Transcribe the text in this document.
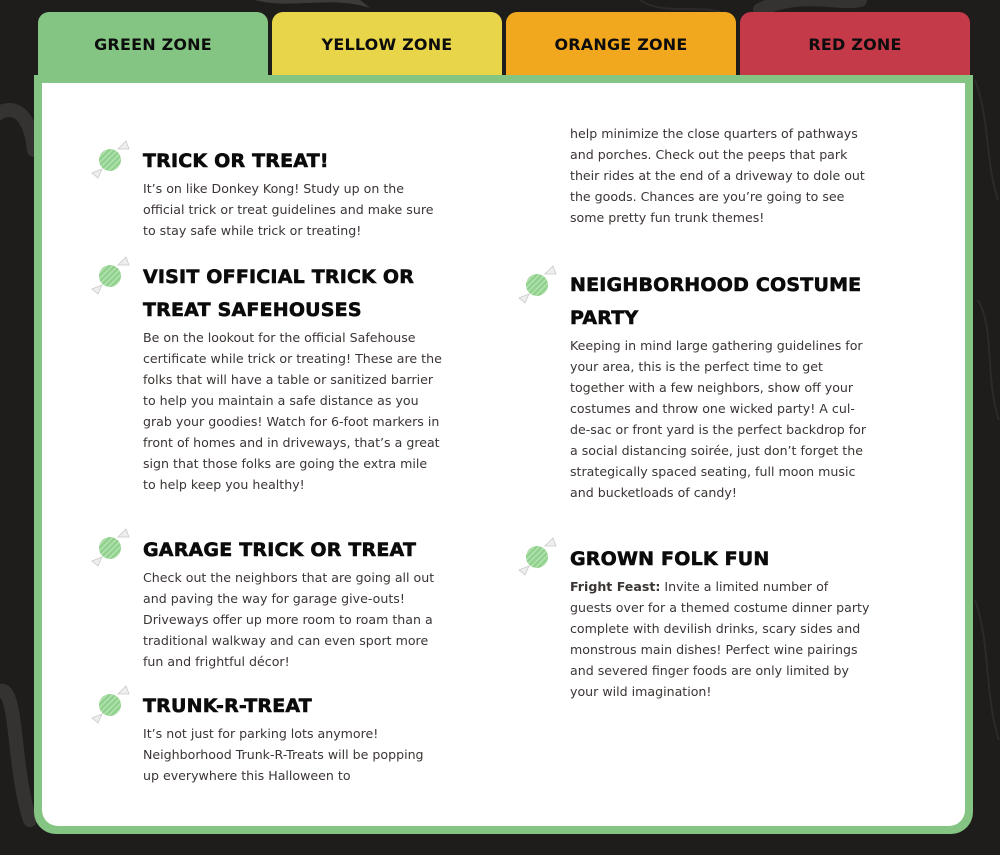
GREEN ZONE	YELLOW ZONE	ORANGE ZONE	RED ZONE
TRICK OR TREAT!

It’s on like Donkey Kong! Study up on the official trick or treat guidelines and make sure to stay safe while trick or treating!

VISIT OFFICIAL TRICK OR TREAT SAFEHOUSES

Be on the lookout for the official Safehouse certificate while trick or treating! These are the folks that will have a table or sanitized barrier to help you maintain a safe distance as you grab your goodies! Watch for 6-foot markers in front of homes and in driveways, that’s a great sign that those folks are going the extra mile to help keep you healthy!

GARAGE TRICK OR TREAT

Check out the neighbors that are going all out and paving the way for garage give-outs! Driveways offer up more room to roam than a traditional walkway and can even sport more fun and frightful décor!

TRUNK-R-TREAT

It’s not just for parking lots anymore! Neighborhood Trunk-R-Treats will be popping up everywhere this Halloween to

help minimize the close quarters of pathways and porches. Check out the peeps that park their rides at the end of a driveway to dole out the goods. Chances are you’re going to see some pretty fun trunk themes!

NEIGHBORHOOD COSTUME PARTY

Keeping in mind large gathering guidelines for your area, this is the perfect time to get together with a few neighbors, show off your costumes and throw one wicked party! A cul-de-sac or front yard is the perfect backdrop for a social distancing soirée, just don’t forget the strategically spaced seating, full moon music and bucketloads of candy!

GROWN FOLK FUN

Fright Feast: Invite a limited number of guests over for a themed costume dinner party complete with devilish drinks, scary sides and monstrous main dishes! Perfect wine pairings and severed finger foods are only limited by your wild imagination!
